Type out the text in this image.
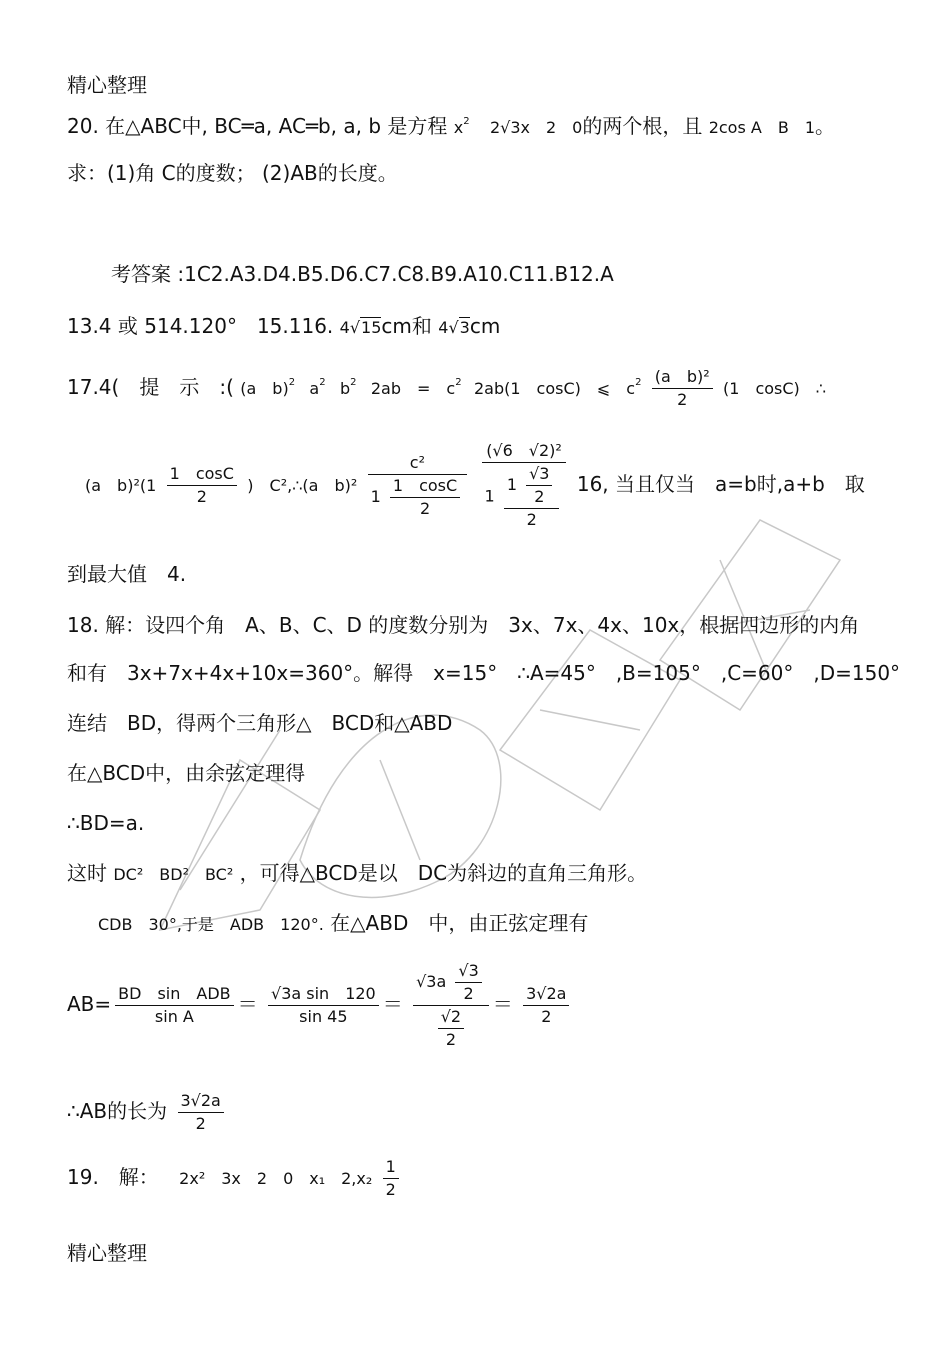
精心整理
20. 在△ABC中, BC═a, AC═b, a, b 是方程 $x^2$ 2√3x　2　0的两个根，且 2cos A　B　1。
求：(1)角 C的度数； (2)AB的长度。
考答案 :1C2.A3.D4.B5.D6.C7.C8.B9.A10.C11.B12.A
13.4 或 514.120°　15.116. 4√15cm和 4√3cm
17.4(　提　示　:( (a　b)$^2$ $a^2$ $b^2$ 2ab　=　$c^2$ 2ab(1　cosC)　⩽　$c^2 \frac{\text{(a　b)²}}{2} (1$　cosC)　∴
(a　$b)^2(1 \frac{1 \cos C}{2}$ )　C²,∴(a　$b)^2 \frac{\text{c²}}{1 \frac{1 \cos C}{2}}$
$\frac{\text{(√6　√2)²}}{1 \frac{1 \frac{√3}{2}}{2}} 16$, 当且仅当　a=b时,a+b　取
到最大值　4.
18. 解：设四个角　A、B、C、D 的度数分别为　3x、7x、4x、10x，根据四边形的内角
和有　3x+7x+4x+10x=360°。解得　x=15°　∴A=45°　,B=105°　,C=60°　,D=150°
连结　BD，得两个三角形△　BCD和△ABD
在△BCD中，由余弦定理得
∴BD=a.
这时 DC²　BD²　BC² ，可得△BCD是以　DC为斜边的直角三角形。
CDB　30°,于是　ADB　120°. 在△ABD　中，由正弦定理有
$AB= \frac{\text{BD　sin　ADB}}{\text{sin A}} = \frac{\text{√3a sin　120}}{\sin 45} = \frac{√3a \frac{√3}{2}}{\frac{√2}{2}} = \frac{3√2a}{2}$
∴AB的长为 $\frac{3√2a}{2}$
19.　解： 2x²　3x　2　0　x₁　$2,x_2 \frac{1}{2}$
精心整理
